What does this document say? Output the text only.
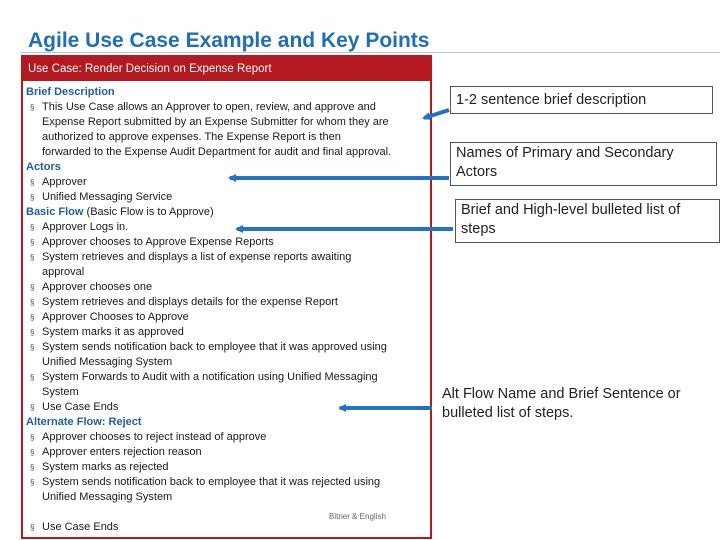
Agile Use Case Example and Key Points
Use Case: Render Decision on Expense Report
Brief Description
§ This Use Case allows an Approver to open, review, and approve and
Expense Report submitted by an Expense Submitter for whom they are
authorized to approve expenses. The Expense Report is then
forwarded to the Expense Audit Department for audit and final approval.
Actors
§ Approver
§ Unified Messaging Service
Basic Flow (Basic Flow is to Approve)
§ Approver Logs in.
§ Approver chooses to Approve Expense Reports
§ System retrieves and displays a list of expense reports awaiting
approval
§ Approver chooses one
§ System retrieves and displays details for the expense Report
§ Approver Chooses to Approve
§ System marks it as approved
§ System sends notification back to employee that it was approved using
Unified Messaging System
§ System Forwards to Audit with a notification using Unified Messaging
System
§ Use Case Ends
Alternate Flow: Reject
§ Approver chooses to reject instead of approve
§ Approver enters rejection reason
§ System marks as rejected
§ System sends notification back to employee that it was rejected using
Unified Messaging System
§ Use Case Ends
Bitner & English
1-2 sentence brief description
Names of Primary and Secondary Actors
Brief and High-level bulleted list of steps
Alt Flow Name and Brief Sentence or bulleted list of steps.
